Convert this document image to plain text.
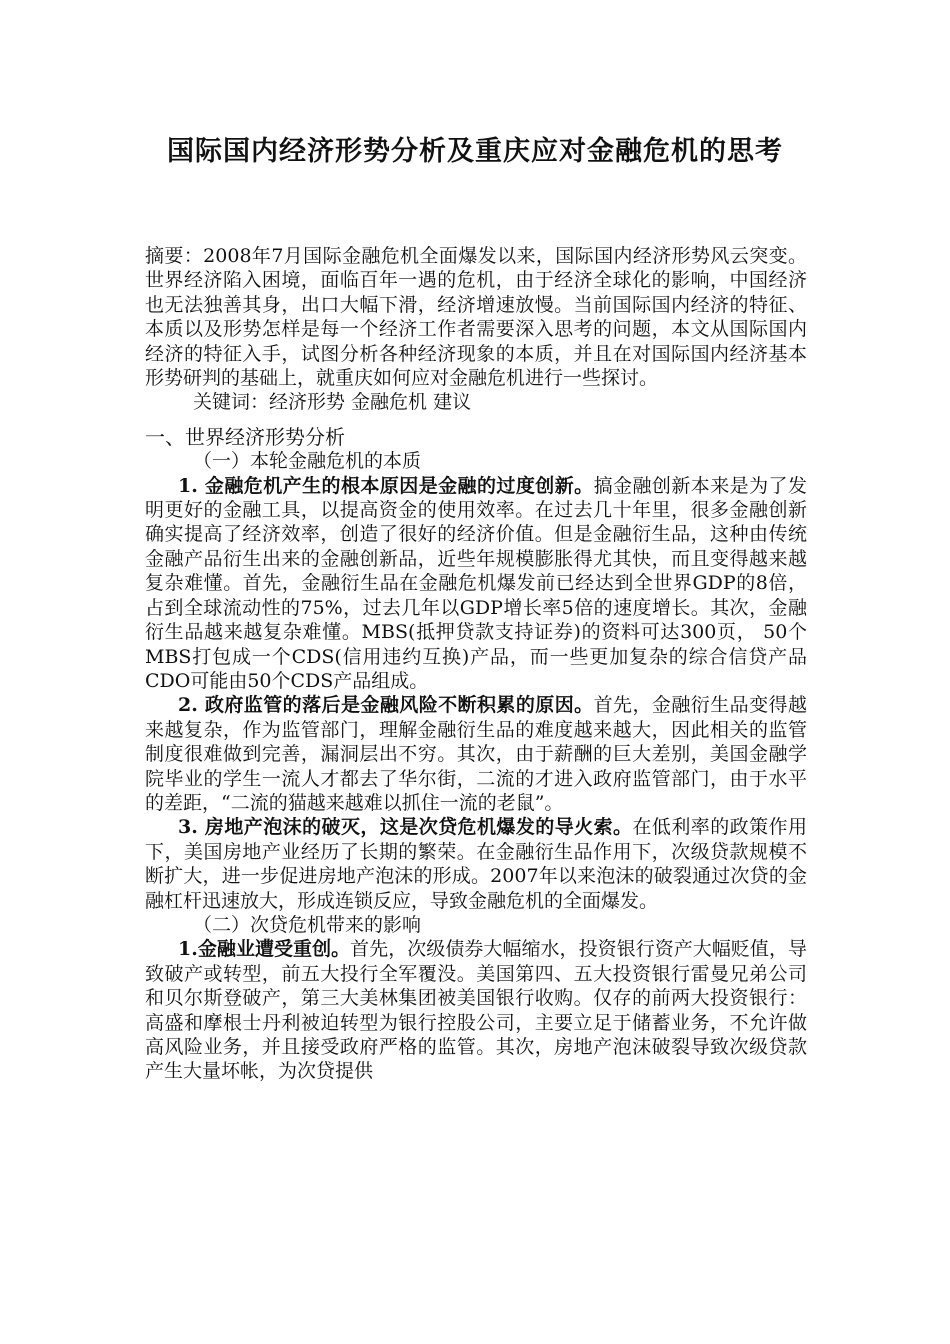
国际国内经济形势分析及重庆应对金融危机的思考

摘要：2008年7月国际金融危机全面爆发以来，国际国内经济形势风云突变。世界经济陷入困境，面临百年一遇的危机，由于经济全球化的影响，中国经济也无法独善其身，出口大幅下滑，经济增速放慢。当前国际国内经济的特征、本质以及形势怎样是每一个经济工作者需要深入思考的问题，本文从国际国内经济的特征入手，试图分析各种经济现象的本质，并且在对国际国内经济基本形势研判的基础上，就重庆如何应对金融危机进行一些探讨。

关键词：经济形势 金融危机 建议

一、世界经济形势分析

（一）本轮金融危机的本质

1. 金融危机产生的根本原因是金融的过度创新。搞金融创新本来是为了发明更好的金融工具，以提高资金的使用效率。在过去几十年里，很多金融创新确实提高了经济效率，创造了很好的经济价值。但是金融衍生品，这种由传统金融产品衍生出来的金融创新品，近些年规模膨胀得尤其快，而且变得越来越复杂难懂。首先，金融衍生品在金融危机爆发前已经达到全世界GDP的8倍，占到全球流动性的75%，过去几年以GDP增长率5倍的速度增长。其次，金融衍生品越来越复杂难懂。MBS(抵押贷款支持证券)的资料可达300页， 50个MBS打包成一个CDS(信用违约互换)产品，而一些更加复杂的综合信贷产品CDO可能由50个CDS产品组成。

2. 政府监管的落后是金融风险不断积累的原因。首先，金融衍生品变得越来越复杂，作为监管部门，理解金融衍生品的难度越来越大，因此相关的监管制度很难做到完善，漏洞层出不穷。其次，由于薪酬的巨大差别，美国金融学院毕业的学生一流人才都去了华尔街，二流的才进入政府监管部门，由于水平的差距，“二流的猫越来越难以抓住一流的老鼠”。

3. 房地产泡沫的破灭，这是次贷危机爆发的导火索。在低利率的政策作用下，美国房地产业经历了长期的繁荣。在金融衍生品作用下，次级贷款规模不断扩大，进一步促进房地产泡沫的形成。2007年以来泡沫的破裂通过次贷的金融杠杆迅速放大，形成连锁反应，导致金融危机的全面爆发。

（二）次贷危机带来的影响

1.金融业遭受重创。首先，次级债券大幅缩水，投资银行资产大幅贬值，导致破产或转型，前五大投行全军覆没。美国第四、五大投资银行雷曼兄弟公司和贝尔斯登破产，第三大美林集团被美国银行收购。仅存的前两大投资银行：高盛和摩根士丹利被迫转型为银行控股公司，主要立足于储蓄业务，不允许做高风险业务，并且接受政府严格的监管。其次，房地产泡沫破裂导致次级贷款产生大量坏帐，为次贷提供
